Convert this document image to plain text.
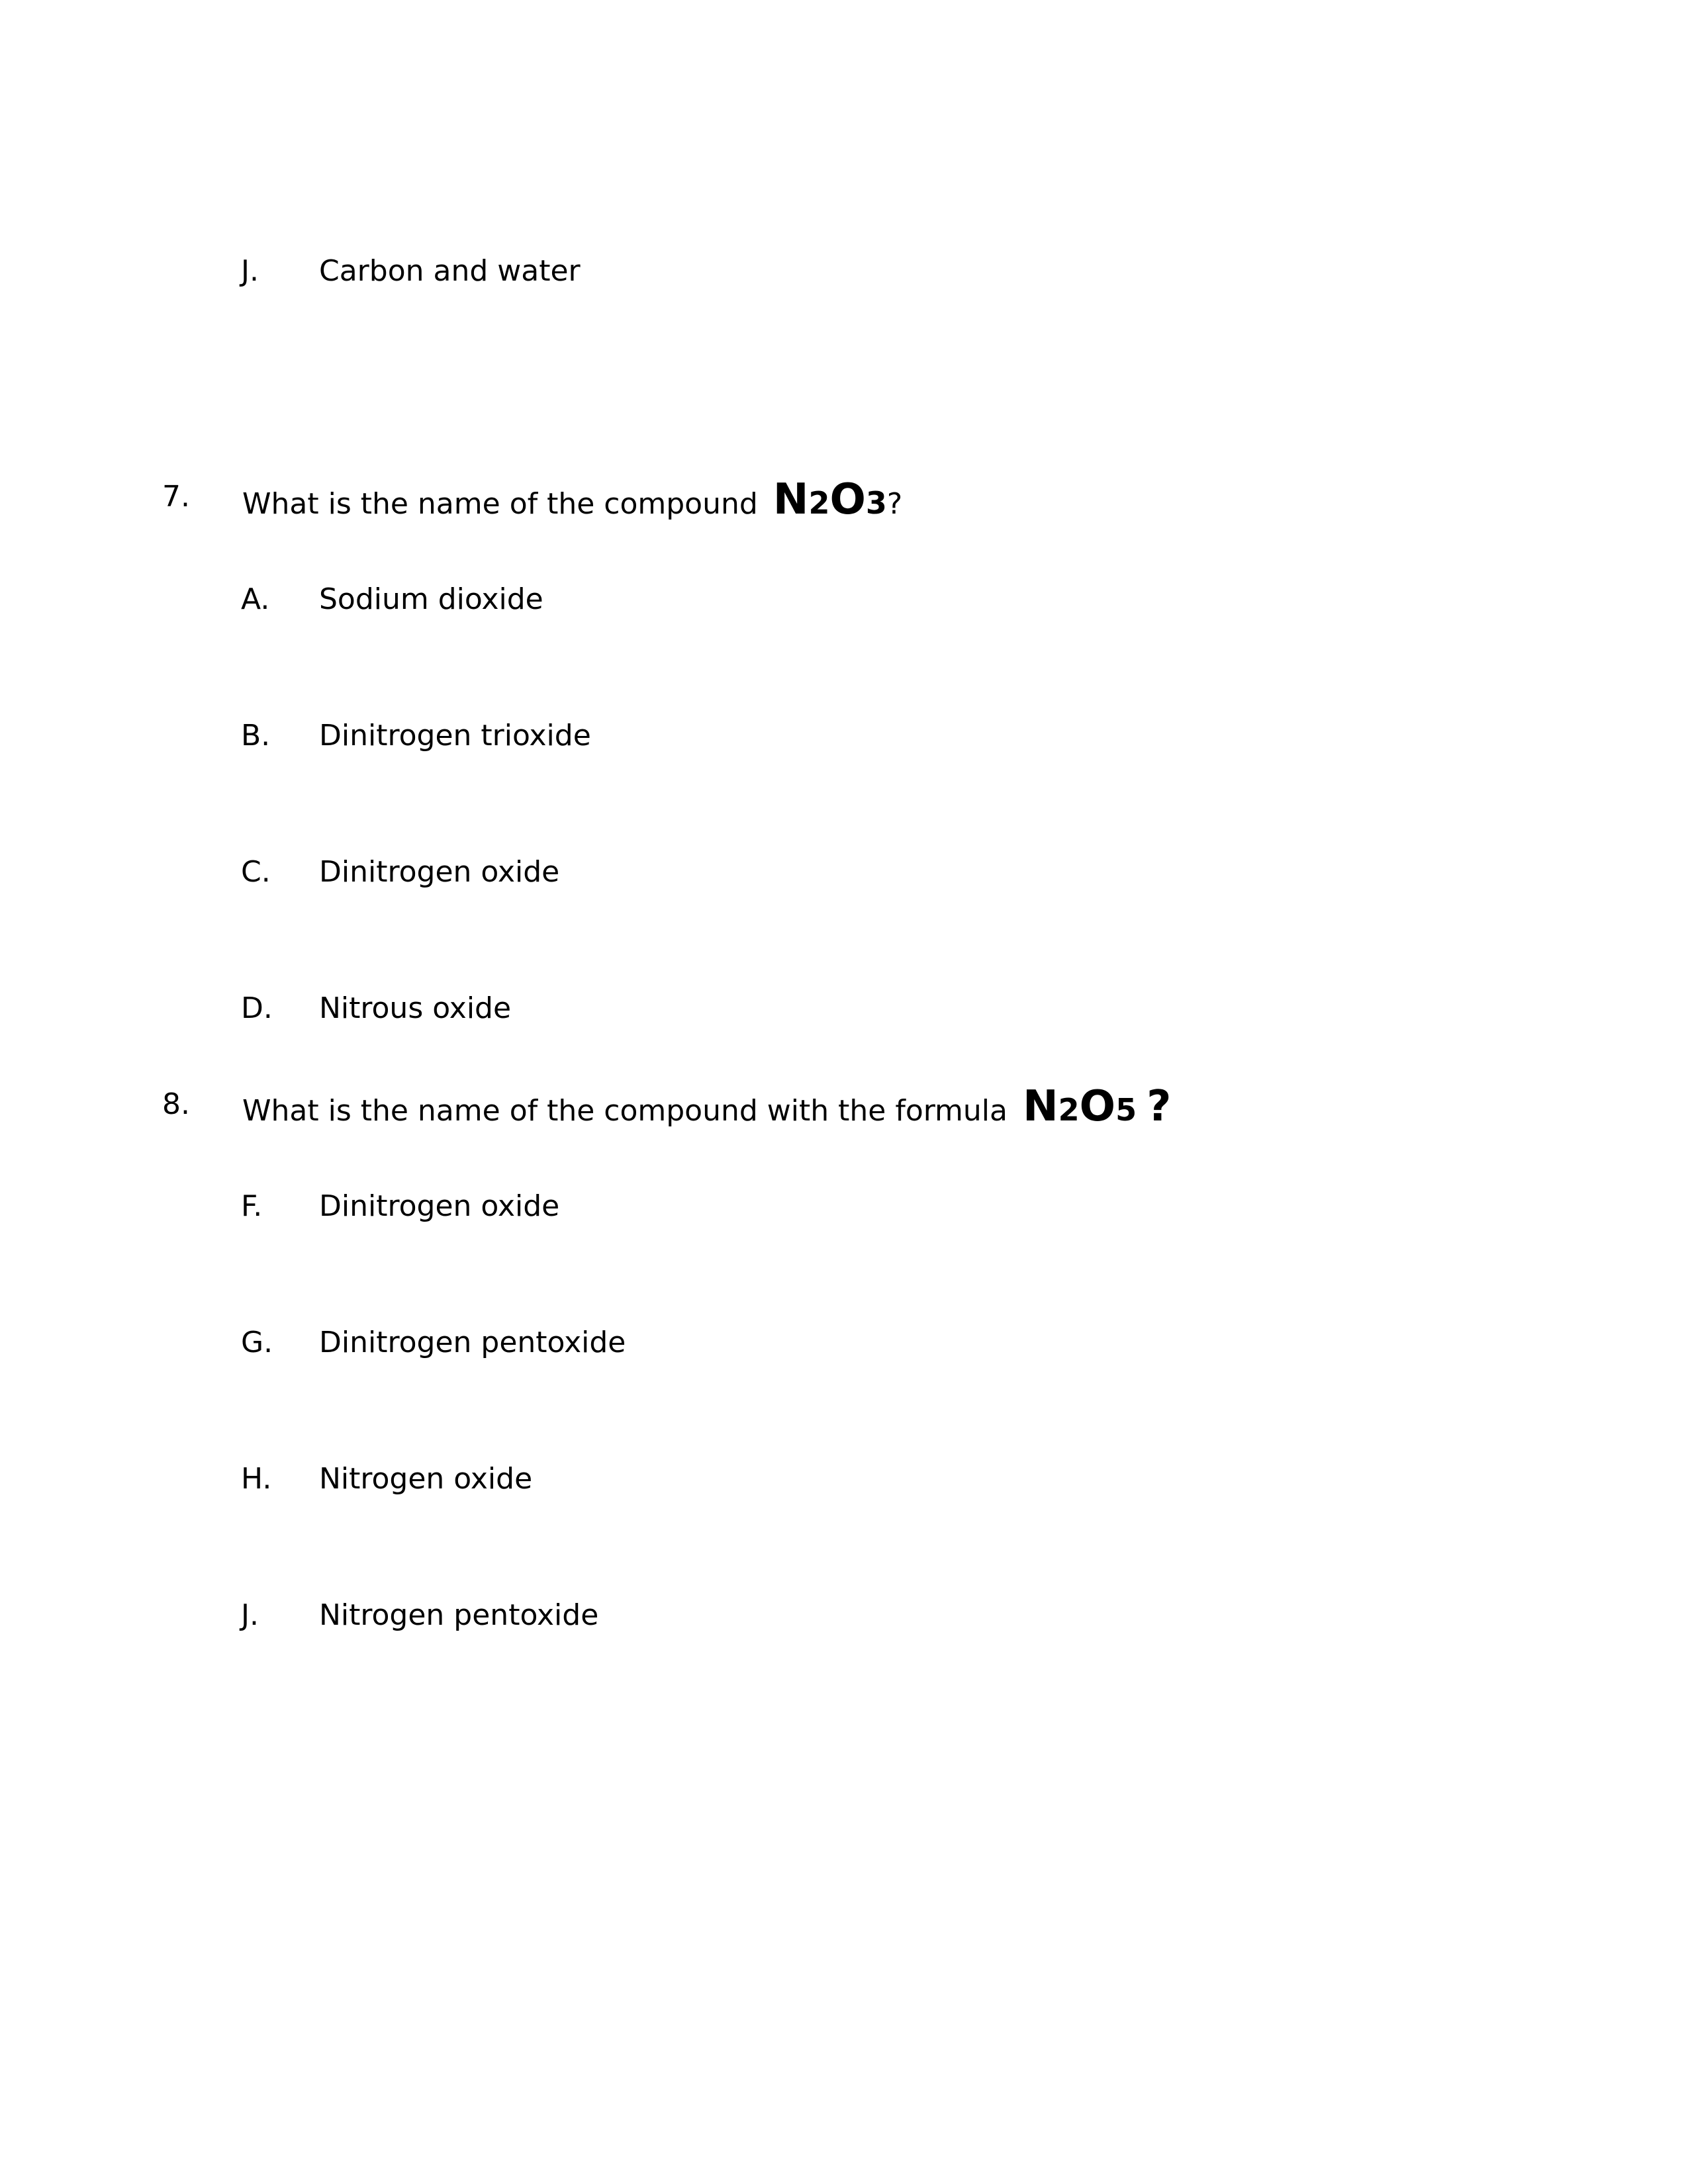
J. Carbon and water
7. What is the name of the compound N2O3?
A. Sodium dioxide
B. Dinitrogen trioxide
C. Dinitrogen oxide
D. Nitrous oxide
8. What is the name of the compound with the formula N2O5 ?
F. Dinitrogen oxide
G. Dinitrogen pentoxide
H. Nitrogen oxide
J. Nitrogen pentoxide
